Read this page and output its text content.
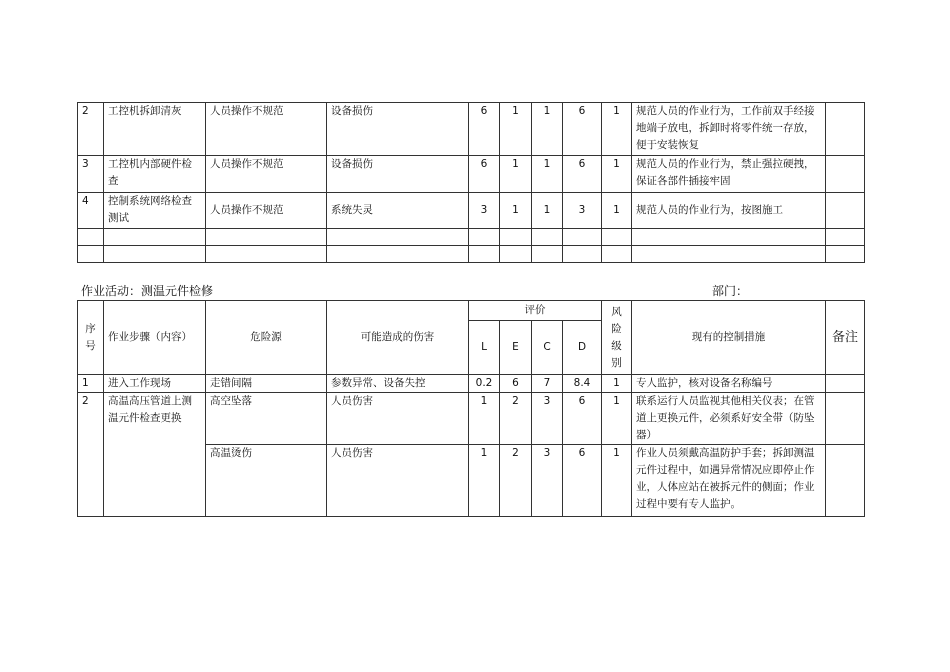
2	工控机拆卸清灰	人员操作不规范	设备损伤	6	1	1	6	1	规范人员的作业行为，工作前双手经接地端子放电，拆卸时将零件统一存放，便于安装恢复	
3	工控机内部硬件检查	人员操作不规范	设备损伤	6	1	1	6	1	规范人员的作业行为，禁止强拉硬拽，保证各部件插接牢固	
4	控制系统网络检查测试	人员操作不规范	系统失灵	3	1	1	3	1	规范人员的作业行为，按图施工	

作业活动：测温元件检修	部门：
序号	作业步骤（内容）	危险源	可能造成的伤害	评价				风险级别	现有的控制措施	备注
				L	E	C	D			
1	进入工作现场	走错间隔	参数异常、设备失控	0.2	6	7	8.4	1	专人监护，核对设备名称编号	
2	高温高压管道上测温元件检查更换	高空坠落	人员伤害	1	2	3	6	1	联系运行人员监视其他相关仪表；在管道上更换元件，必须系好安全带（防坠器）	
		高温烫伤	人员伤害	1	2	3	6	1	作业人员须戴高温防护手套；拆卸测温元件过程中，如遇异常情况应即停止作业，人体应站在被拆元件的侧面；作业过程中要有专人监护。	
